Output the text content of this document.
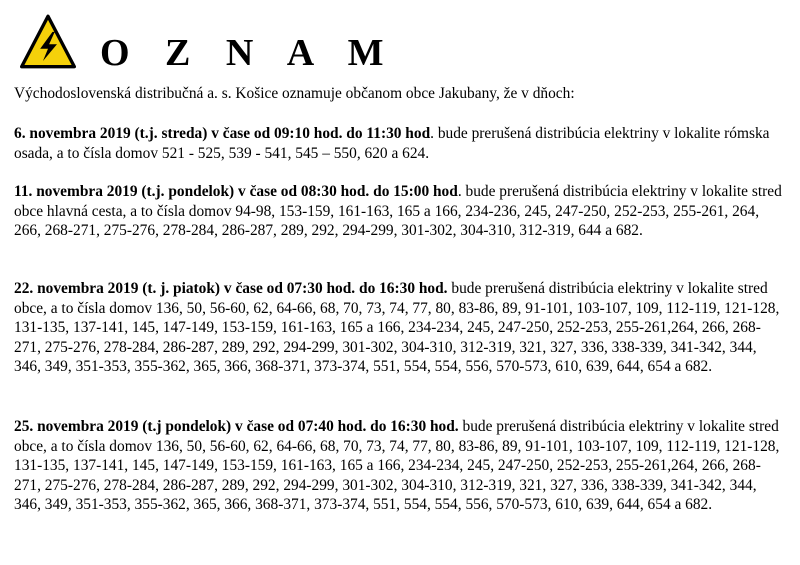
O Z N A M
Východoslovenská distribučná a. s. Košice oznamuje občanom obce Jakubany, že v dňoch:

6. novembra 2019 (t.j. streda) v čase od 09:10 hod. do 11:30 hod. bude prerušená distribúcia elektriny v lokalite rómska osada, a to čísla domov 521 - 525, 539 - 541, 545 – 550, 620 a 624.

11. novembra 2019 (t.j. pondelok) v čase od 08:30 hod. do 15:00 hod. bude prerušená distribúcia elektriny v lokalite stred obce hlavná cesta, a to čísla domov 94-98, 153-159, 161-163, 165 a 166, 234-236, 245, 247-250, 252-253, 255-261, 264, 266, 268-271, 275-276, 278-284, 286-287, 289, 292, 294-299, 301-302, 304-310, 312-319, 644 a 682.

22. novembra 2019 (t. j. piatok) v čase od 07:30 hod. do 16:30 hod. bude prerušená distribúcia elektriny v lokalite stred obce, a to čísla domov 136, 50, 56-60, 62, 64-66, 68, 70, 73, 74, 77, 80, 83-86, 89, 91-101, 103-107, 109, 112-119, 121-128, 131-135, 137-141, 145, 147-149, 153-159, 161-163, 165 a 166, 234-234, 245, 247-250, 252-253, 255-261,264, 266, 268-271, 275-276, 278-284, 286-287, 289, 292, 294-299, 301-302, 304-310, 312-319, 321, 327, 336, 338-339, 341-342, 344, 346, 349, 351-353, 355-362, 365, 366, 368-371, 373-374, 551, 554, 554, 556, 570-573, 610, 639, 644, 654 a 682.

25. novembra 2019 (t.j pondelok) v čase od 07:40 hod. do 16:30 hod. bude prerušená distribúcia elektriny v lokalite stred obce, a to čísla domov 136, 50, 56-60, 62, 64-66, 68, 70, 73, 74, 77, 80, 83-86, 89, 91-101, 103-107, 109, 112-119, 121-128, 131-135, 137-141, 145, 147-149, 153-159, 161-163, 165 a 166, 234-234, 245, 247-250, 252-253, 255-261,264, 266, 268-271, 275-276, 278-284, 286-287, 289, 292, 294-299, 301-302, 304-310, 312-319, 321, 327, 336, 338-339, 341-342, 344, 346, 349, 351-353, 355-362, 365, 366, 368-371, 373-374, 551, 554, 554, 556, 570-573, 610, 639, 644, 654 a 682.
